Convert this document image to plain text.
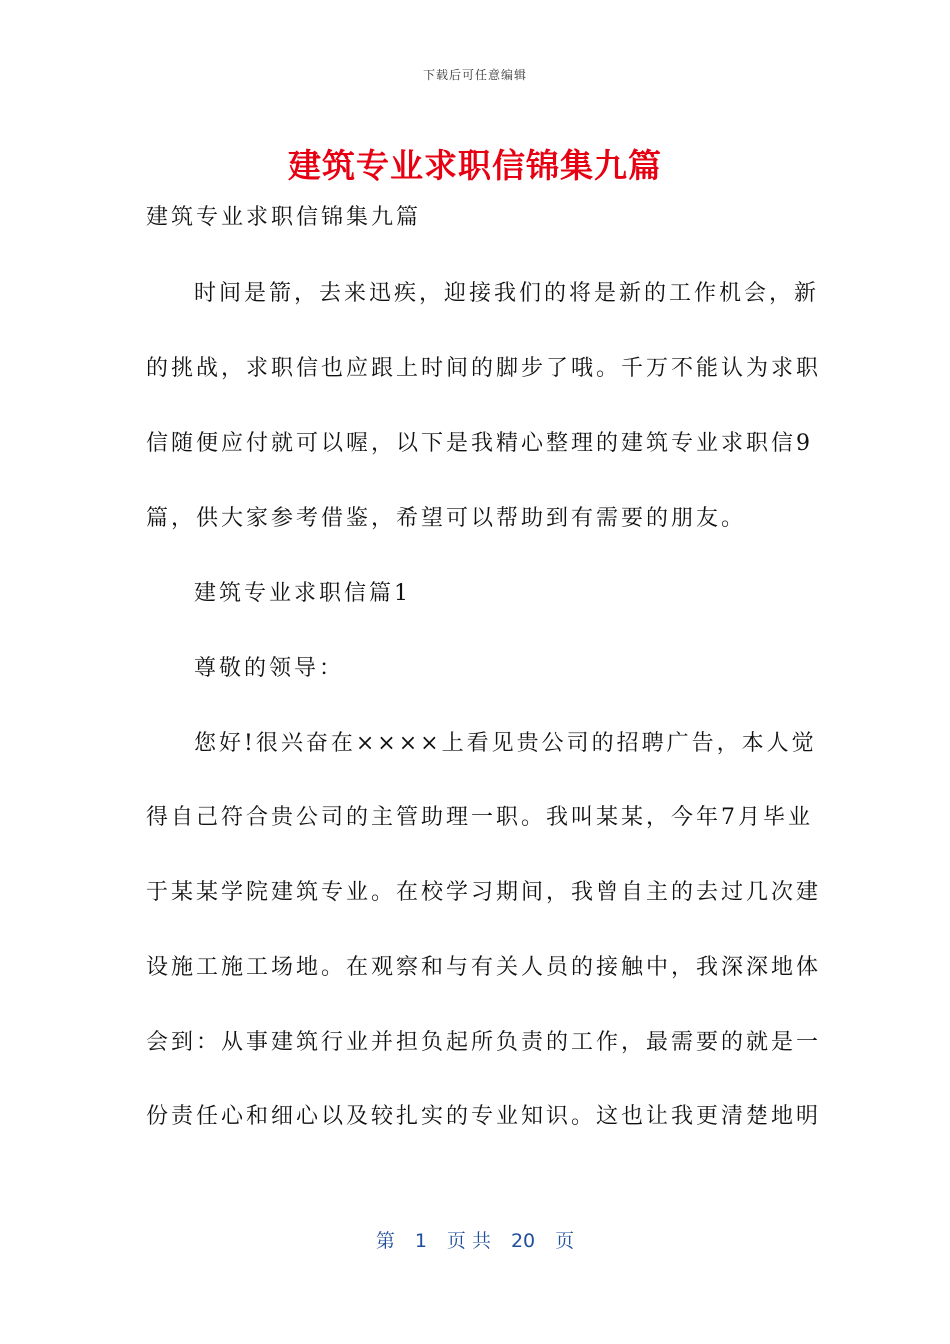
下载后可任意编辑
建筑专业求职信锦集九篇
建筑专业求职信锦集九篇
时间是箭，去来迅疾，迎接我们的将是新的工作机会，新
的挑战，求职信也应跟上时间的脚步了哦。千万不能认为求职
信随便应付就可以喔，以下是我精心整理的建筑专业求职信9
篇，供大家参考借鉴，希望可以帮助到有需要的朋友。
建筑专业求职信篇1
尊敬的领导：
您好!很兴奋在××××上看见贵公司的招聘广告，本人觉
得自己符合贵公司的主管助理一职。我叫某某，今年7月毕业
于某某学院建筑专业。在校学习期间，我曾自主的去过几次建
设施工施工场地。在观察和与有关人员的接触中，我深深地体
会到：从事建筑行业并担负起所负责的工作，最需要的就是一
份责任心和细心以及较扎实的专业知识。这也让我更清楚地明
第 1 页 共 20 页
